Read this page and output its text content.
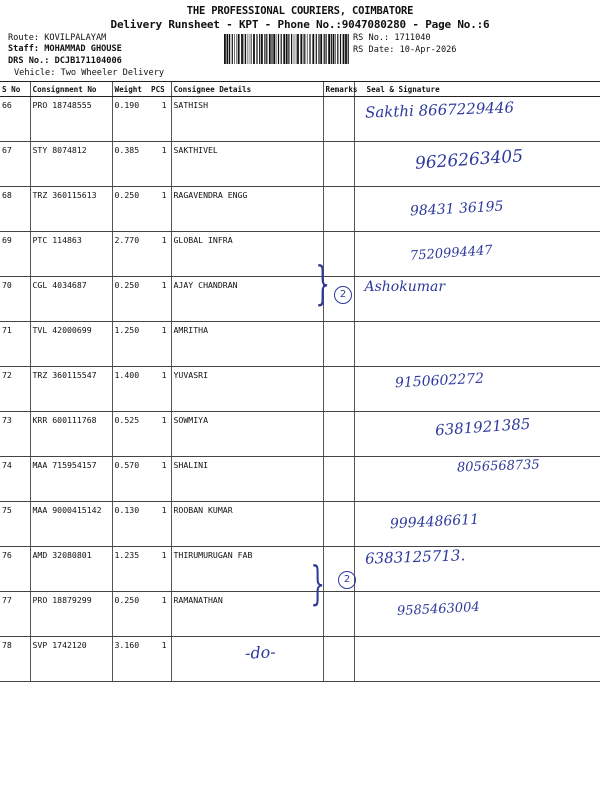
THE PROFESSIONAL COURIERS, COIMBATORE
Delivery Runsheet - KPT - Phone No.:9047080280 - Page No.:6
Route: KOVILPALAYAM
Staff: MOHAMMAD GHOUSE
DRS No.: DCJB171104006
Vehicle: Two Wheeler Delivery
RS No.: 1711040
RS Date: 10-Apr-2026
S No	Consignment No	Weight	PCS	Consignee Details	Remarks	Seal & Signature
66	PRO 18748555	0.190	1	SATHISH		Sakthi 8667229446

67	STY 8074812	0.385	1	SAKTHIVEL		9626263405

68	TRZ 360115613	0.250	1	RAGAVENDRA ENGG		98431 36195

69	PTC 114863	2.770	1	GLOBAL INFRA		7520994447

70	CGL 4034687	0.250	1	AJAY CHANDRAN		Ashokumar

71	TVL 42000699	1.250	1	AMRITHA		
72	TRZ 360115547	1.400	1	YUVASRI		9150602272

73	KRR 600111768	0.525	1	SOWMIYA		6381921385

74	MAA 715954157	0.570	1	SHALINI		8056568735

75	MAA 9000415142	0.130	1	ROOBAN KUMAR		9994486611

76	AMD 32080801	1.235	1	THIRUMURUGAN FAB		6383125713.

77	PRO 18879299	0.250	1	RAMANATHAN		9585463004

78	SVP 1742120	3.160	1			-do-
} 2
}	2
